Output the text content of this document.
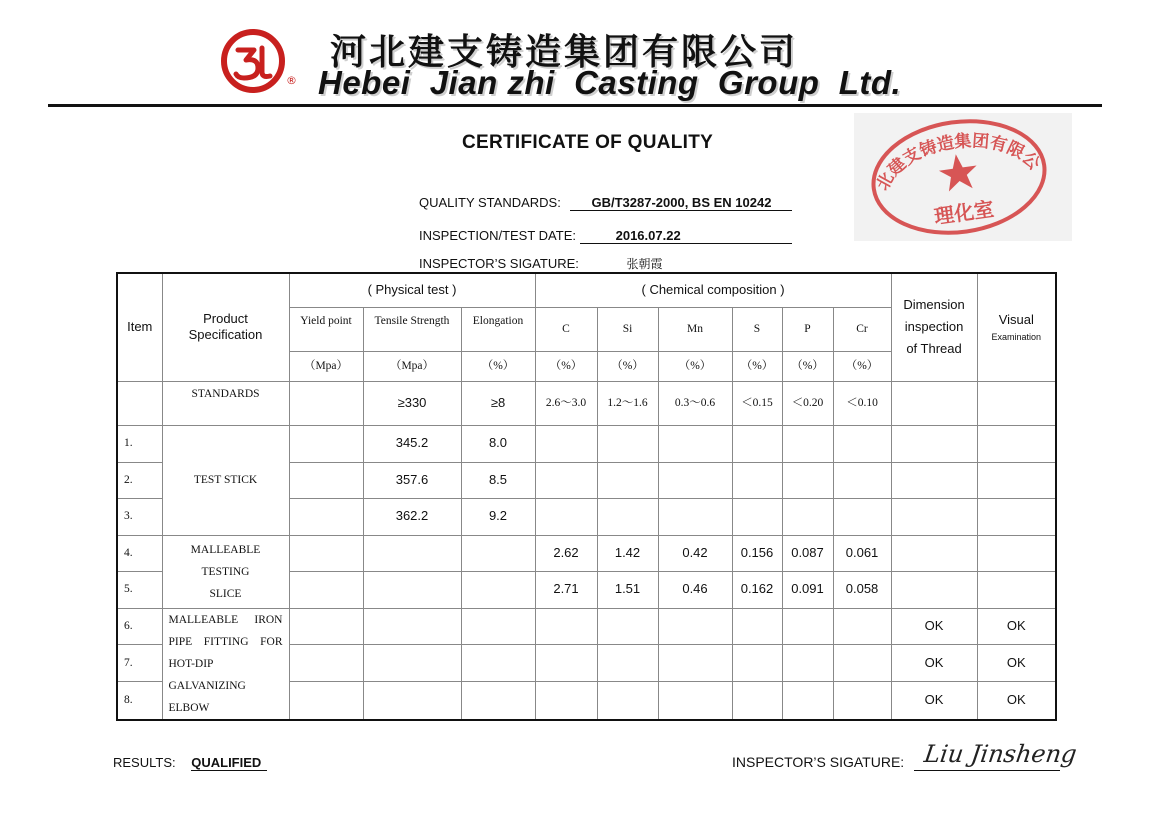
®
河北建支铸造集团有限公司
Hebei  Jian zhi  Casting  Group  Ltd.
CERTIFICATE OF QUALITY
河北建支铸造集团有限公司
理化室
QUALITY STANDARDS: GB/T3287-2000, BS EN 10242
INSPECTION/TEST DATE:	2016.07.22
INSPECTOR’S SIGATURE:	张朝霞
Item	Product Specification	( Physical test )			( Chemical composition )						Dimension inspection of Thread	Visual
Examination

		Yield point	Tensile Strength	Elongation	C	Si	Mn	S	P	Cr		
		（Mpa）	（Mpa）	（%）	（%）	（%）	（%）	（%）	（%）	（%）		
	STANDARDS		≥330	≥8	2.6～3.0	1.2～1.6	0.3～0.6	＜0.15	＜0.20	＜0.10		
1.	TEST STICK		345.2	8.0								
2.			357.6	8.5								
3.			362.2	9.2								
4.	MALLEABLE TESTING SLICE				2.62	1.42	0.42	0.156	0.087	0.061		
5.					2.71	1.51	0.46	0.162	0.091	0.058		
6.	MALLEABLE IRON PIPE FITTING FOR HOT-DIP GALVANIZING ELBOW										OK	OK
7.											OK	OK
8.											OK	OK
RESULTS: QUALIFIED	INSPECTOR’S SIGATURE: Liu Jinsheng
